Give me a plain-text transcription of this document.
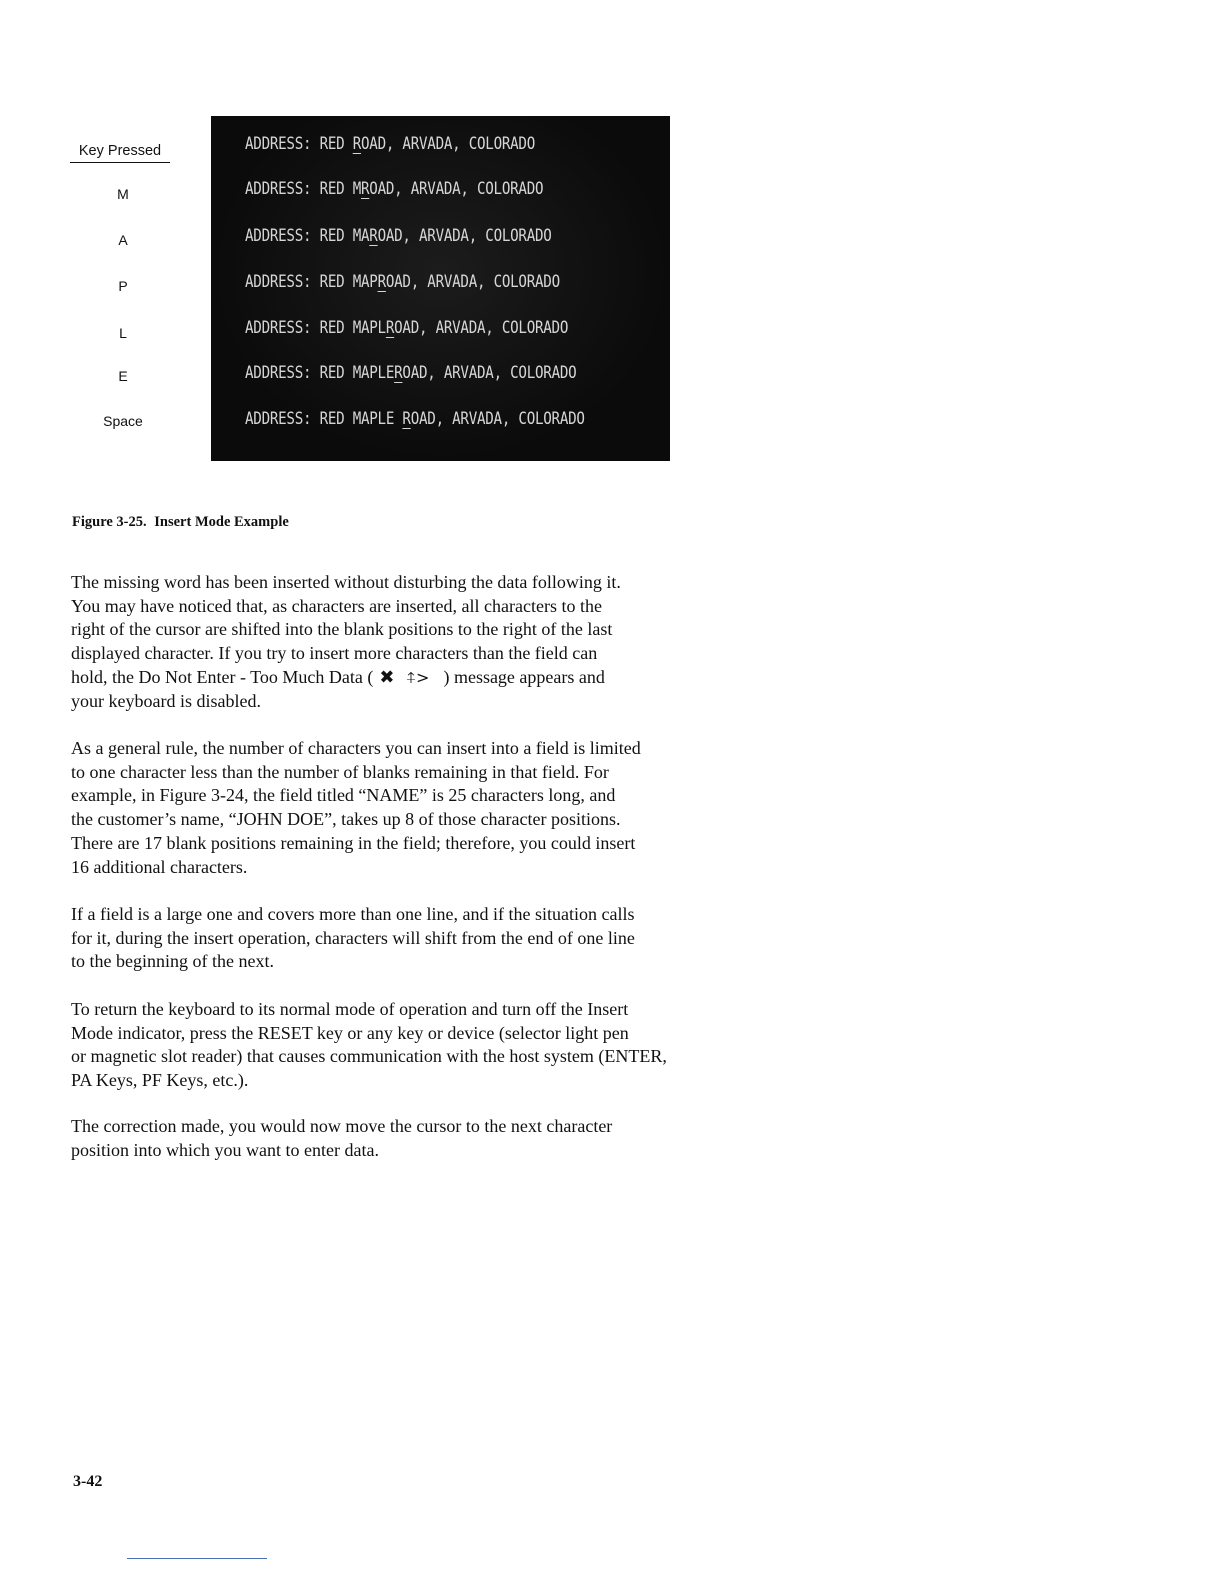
Key Pressed
M
A
P
L
E
Space
ADDRESS: RED ROAD, ARVADA, COLORADO
ADDRESS: RED MROAD, ARVADA, COLORADO
ADDRESS: RED MAROAD, ARVADA, COLORADO
ADDRESS: RED MAPROAD, ARVADA, COLORADO
ADDRESS: RED MAPLROAD, ARVADA, COLORADO
ADDRESS: RED MAPLEROAD, ARVADA, COLORADO
ADDRESS: RED MAPLE ROAD, ARVADA, COLORADO
Figure 3-25. Insert Mode Example
The missing word has been inserted without disturbing the data following it.
You may have noticed that, as characters are inserted, all characters to the
right of the cursor are shifted into the blank positions to the right of the last
displayed character. If you try to insert more characters than the field can
hold, the Do Not Enter - Too Much Data ( ✖ ⍏> ) message appears and
your keyboard is disabled.
As a general rule, the number of characters you can insert into a field is limited
to one character less than the number of blanks remaining in that field. For
example, in Figure 3-24, the field titled “NAME” is 25 characters long, and
the customer’s name, “JOHN DOE”, takes up 8 of those character positions.
There are 17 blank positions remaining in the field; therefore, you could insert
16 additional characters.
If a field is a large one and covers more than one line, and if the situation calls
for it, during the insert operation, characters will shift from the end of one line
to the beginning of the next.
To return the keyboard to its normal mode of operation and turn off the Insert
Mode indicator, press the RESET key or any key or device (selector light pen
or magnetic slot reader) that causes communication with the host system (ENTER,
PA Keys, PF Keys, etc.).
The correction made, you would now move the cursor to the next character
position into which you want to enter data.
3-42
